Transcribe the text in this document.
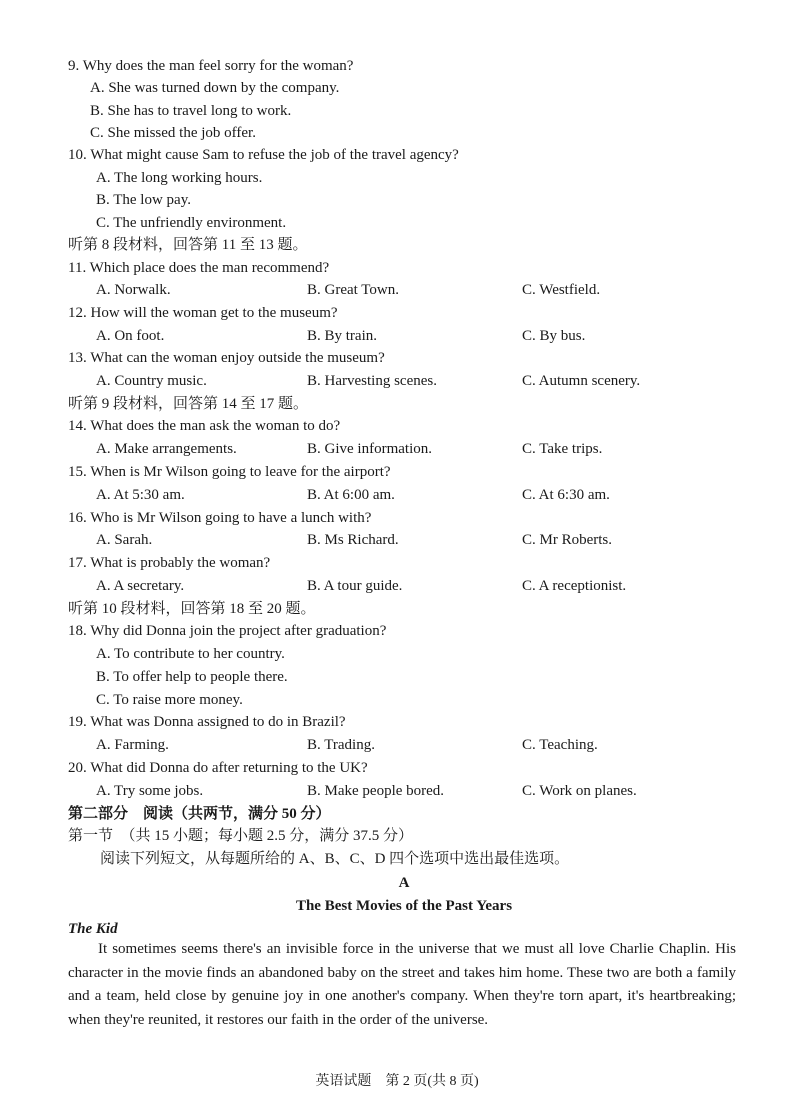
9. Why does the man feel sorry for the woman?
A. She was turned down by the company.
B. She has to travel long to work.
C. She missed the job offer.
10. What might cause Sam to refuse the job of the travel agency?
A. The long working hours.
B. The low pay.
C. The unfriendly environment.
听第 8 段材料，回答第 11 至 13 题。
11. Which place does the man recommend?
A. Norwalk.	B. Great Town.	C. Westfield.
12. How will the woman get to the museum?
A. On foot.	B. By train.	C. By bus.
13. What can the woman enjoy outside the museum?
A. Country music.	B. Harvesting scenes.	C. Autumn scenery.
听第 9 段材料，回答第 14 至 17 题。
14. What does the man ask the woman to do?
A. Make arrangements.	B. Give information.	C. Take trips.
15. When is Mr Wilson going to leave for the airport?
A. At 5:30 am.	B. At 6:00 am.	C. At 6:30 am.
16. Who is Mr Wilson going to have a lunch with?
A. Sarah.	B. Ms Richard.	C. Mr Roberts.
17. What is probably the woman?
A. A secretary.	B. A tour guide.	C. A receptionist.
听第 10 段材料，回答第 18 至 20 题。
18. Why did Donna join the project after graduation?
A. To contribute to her country.
B. To offer help to people there.
C. To raise more money.
19. What was Donna assigned to do in Brazil?
A. Farming.	B. Trading.	C. Teaching.
20. What did Donna do after returning to the UK?
A. Try some jobs.	B. Make people bored.	C. Work on planes.
第二部分　阅读（共两节，满分 50 分）
第一节　（共 15 小题；每小题 2.5 分，满分 37.5 分）
阅读下列短文，从每题所给的 A、B、C、D 四个选项中选出最佳选项。
A
The Best Movies of the Past Years
The Kid
It sometimes seems there's an invisible force in the universe that we must all love Charlie Chaplin. His character in the movie finds an abandoned baby on the street and takes him home. These two are both a family and a team, held close by genuine joy in one another's company. When they're torn apart, it's heartbreaking; when they're reunited, it restores our faith in the order of the universe.
英语试题　第 2 页(共 8 页)
